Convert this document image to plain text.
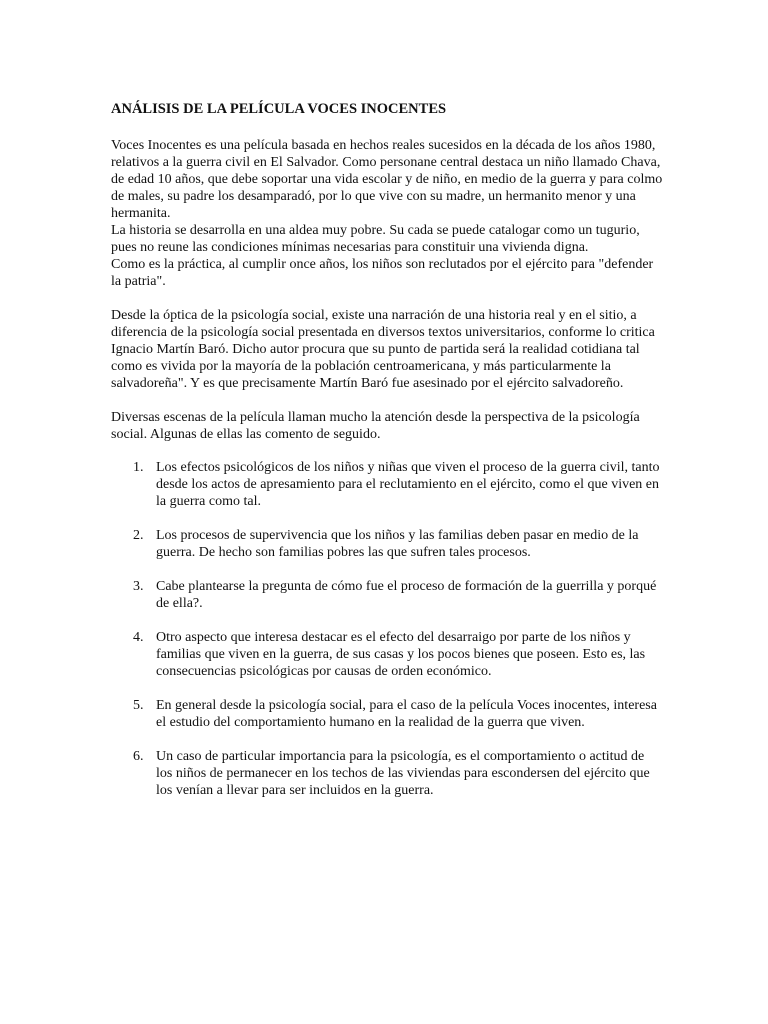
ANÁLISIS DE LA PELÍCULA VOCES INOCENTES

Voces Inocentes es una película basada en hechos reales sucesidos en la década de los años 1980, relativos a la guerra civil en El Salvador. Como personane central destaca un niño llamado Chava, de edad 10 años, que debe soportar una vida escolar y de niño, en medio de la guerra y para colmo de males, su padre los desamparadó, por lo que vive con su madre, un hermanito menor y una hermanita.

La historia se desarrolla en una aldea muy pobre. Su cada se puede catalogar como un tugurio, pues no reune las condiciones mínimas necesarias para constituir una vivienda digna.

Como es la práctica, al cumplir once años, los niños son reclutados por el ejército para "defender la patria".

Desde la óptica de la psicología social, existe una narración de una historia real y en el sitio, a diferencia de la psicología social presentada en diversos textos universitarios, conforme lo critica Ignacio Martín Baró. Dicho autor procura que su punto de partida será la realidad cotidiana tal como es vivida por la mayoría de la población centroamericana, y más particularmente la salvadoreña". Y es que precisamente Martín Baró fue asesinado por el ejército salvadoreño.

Diversas escenas de la película llaman mucho la atención desde la perspectiva de la psicología social. Algunas de ellas las comento de seguido.

1. Los efectos psicológicos de los niños y niñas que viven el proceso de la guerra civil, tanto desde los actos de apresamiento para el reclutamiento en el ejército, como el que viven en la guerra como tal.
2. Los procesos de supervivencia que los niños y las familias deben pasar en medio de la guerra. De hecho son familias pobres las que sufren tales procesos.
3. Cabe plantearse la pregunta de cómo fue el proceso de formación de la guerrilla y porqué de ella?.
4. Otro aspecto que interesa destacar es el efecto del desarraigo por parte de los niños y familias que viven en la guerra, de sus casas y los pocos bienes que poseen. Esto es, las consecuencias psicológicas por causas de orden económico.
5. En general desde la psicología social, para el caso de la película Voces inocentes, interesa el estudio del comportamiento humano en la realidad de la guerra que viven.
6. Un caso de particular importancia para la psicología, es el comportamiento o actitud de los niños de permanecer en los techos de las viviendas para escondersen del ejército que los venían a llevar para ser incluidos en la guerra.
